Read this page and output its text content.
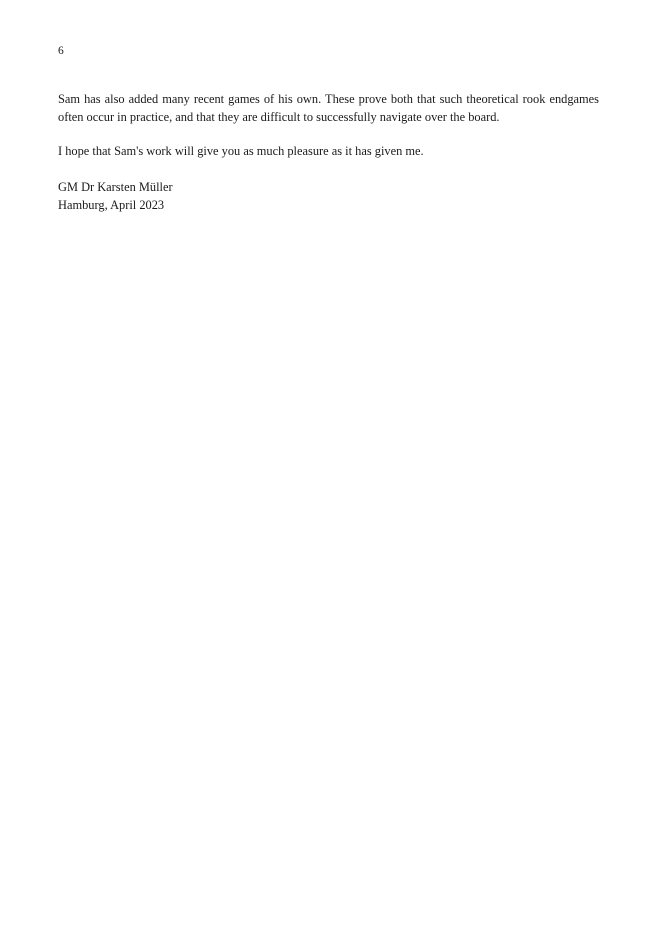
6

Sam has also added many recent games of his own. These prove both that such theoretical rook endgames often occur in practice, and that they are difficult to successfully navigate over the board.

I hope that Sam's work will give you as much pleasure as it has given me.

GM Dr Karsten Müller

Hamburg, April 2023
